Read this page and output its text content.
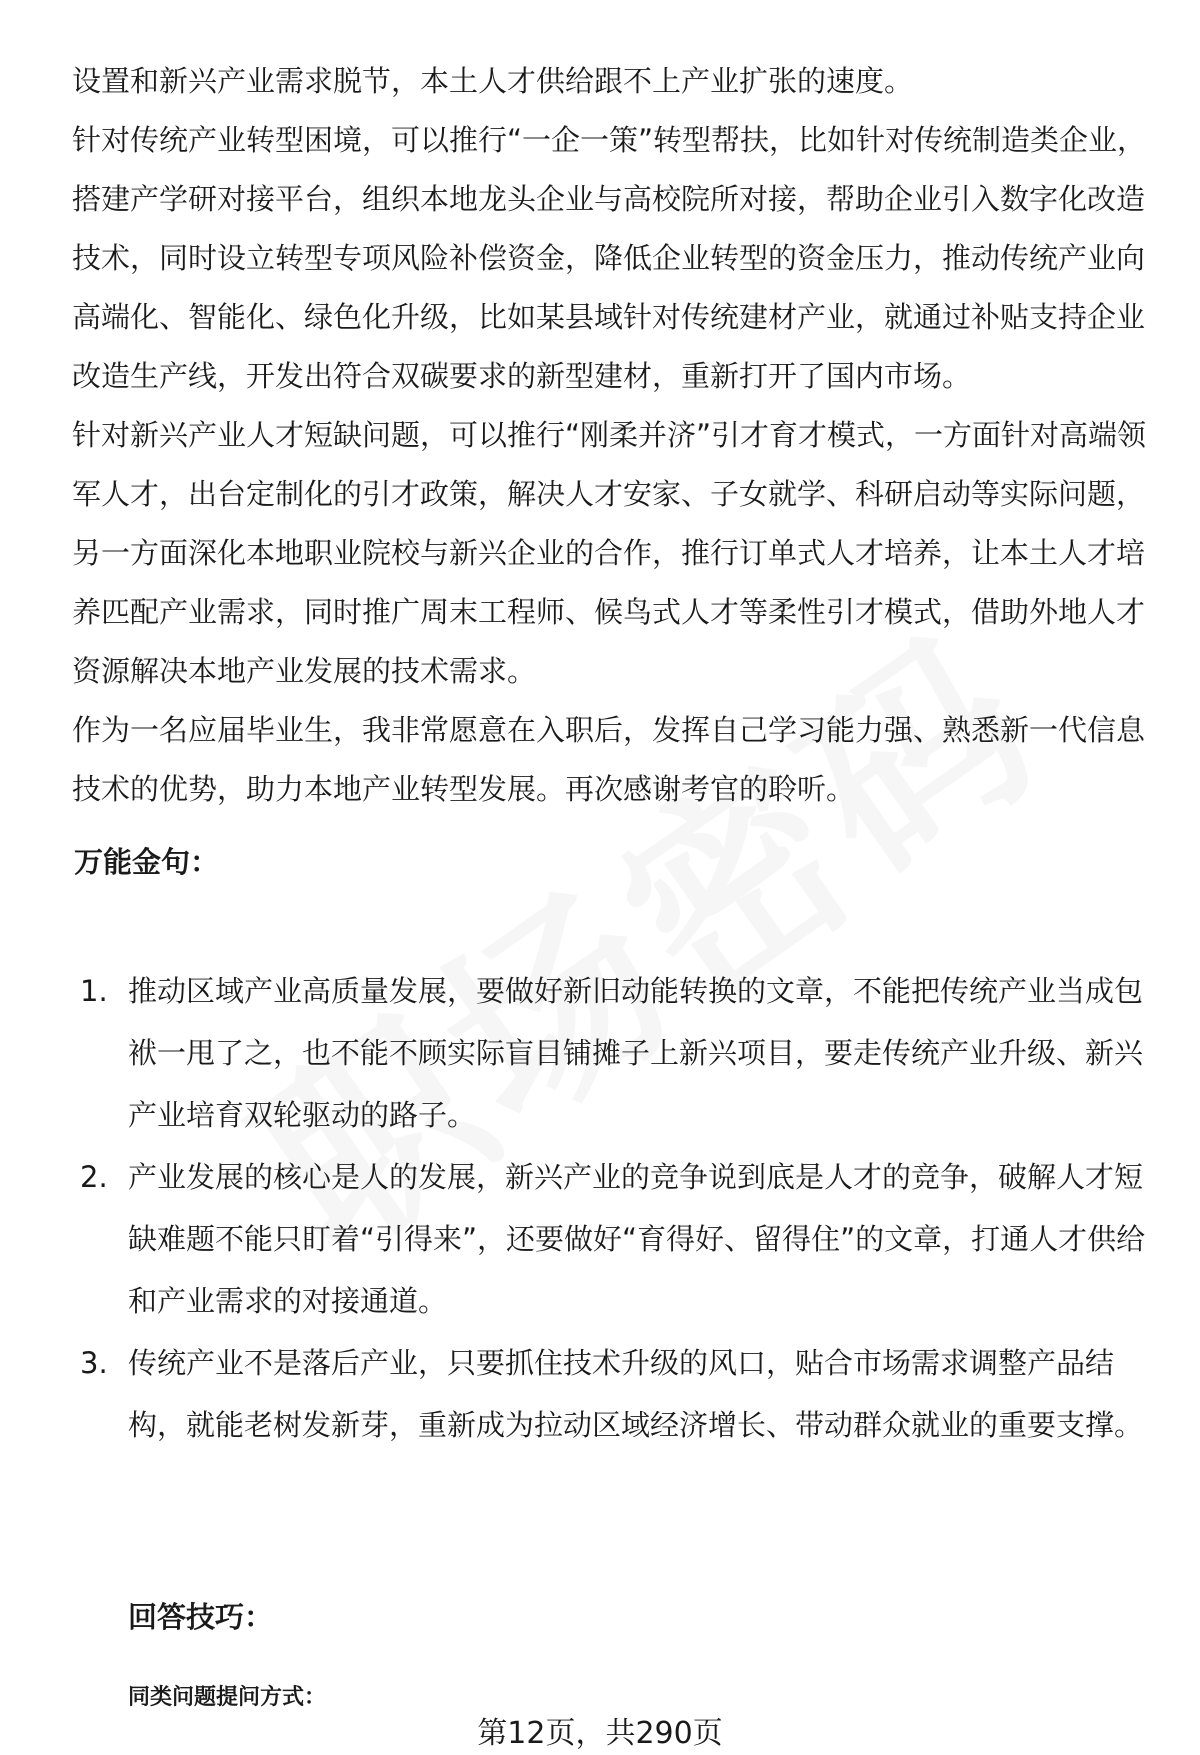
设置和新兴产业需求脱节，本土人才供给跟不上产业扩张的速度。

针对传统产业转型困境，可以推行“一企一策”转型帮扶，比如针对传统制造类企业，搭建产学研对接平台，组织本地龙头企业与高校院所对接，帮助企业引入数字化改造技术，同时设立转型专项风险补偿资金，降低企业转型的资金压力，推动传统产业向高端化、智能化、绿色化升级，比如某县域针对传统建材产业，就通过补贴支持企业改造生产线，开发出符合双碳要求的新型建材，重新打开了国内市场。

针对新兴产业人才短缺问题，可以推行“刚柔并济”引才育才模式，一方面针对高端领军人才，出台定制化的引才政策，解决人才安家、子女就学、科研启动等实际问题，另一方面深化本地职业院校与新兴企业的合作，推行订单式人才培养，让本土人才培养匹配产业需求，同时推广周末工程师、候鸟式人才等柔性引才模式，借助外地人才资源解决本地产业发展的技术需求。

作为一名应届毕业生，我非常愿意在入职后，发挥自己学习能力强、熟悉新一代信息技术的优势，助力本地产业转型发展。再次感谢考官的聆听。

万能金句：
1. 推动区域产业高质量发展，要做好新旧动能转换的文章，不能把传统产业当成包袱一甩了之，也不能不顾实际盲目铺摊子上新兴项目，要走传统产业升级、新兴产业培育双轮驱动的路子。
2. 产业发展的核心是人的发展，新兴产业的竞争说到底是人才的竞争，破解人才短缺难题不能只盯着“引得来”，还要做好“育得好、留得住”的文章，打通人才供给和产业需求的对接通道。
3. 传统产业不是落后产业，只要抓住技术升级的风口，贴合市场需求调整产品结构，就能老树发新芽，重新成为拉动区域经济增长、带动群众就业的重要支撑。
回答技巧：
同类问题提问方式：
第12页，共290页
